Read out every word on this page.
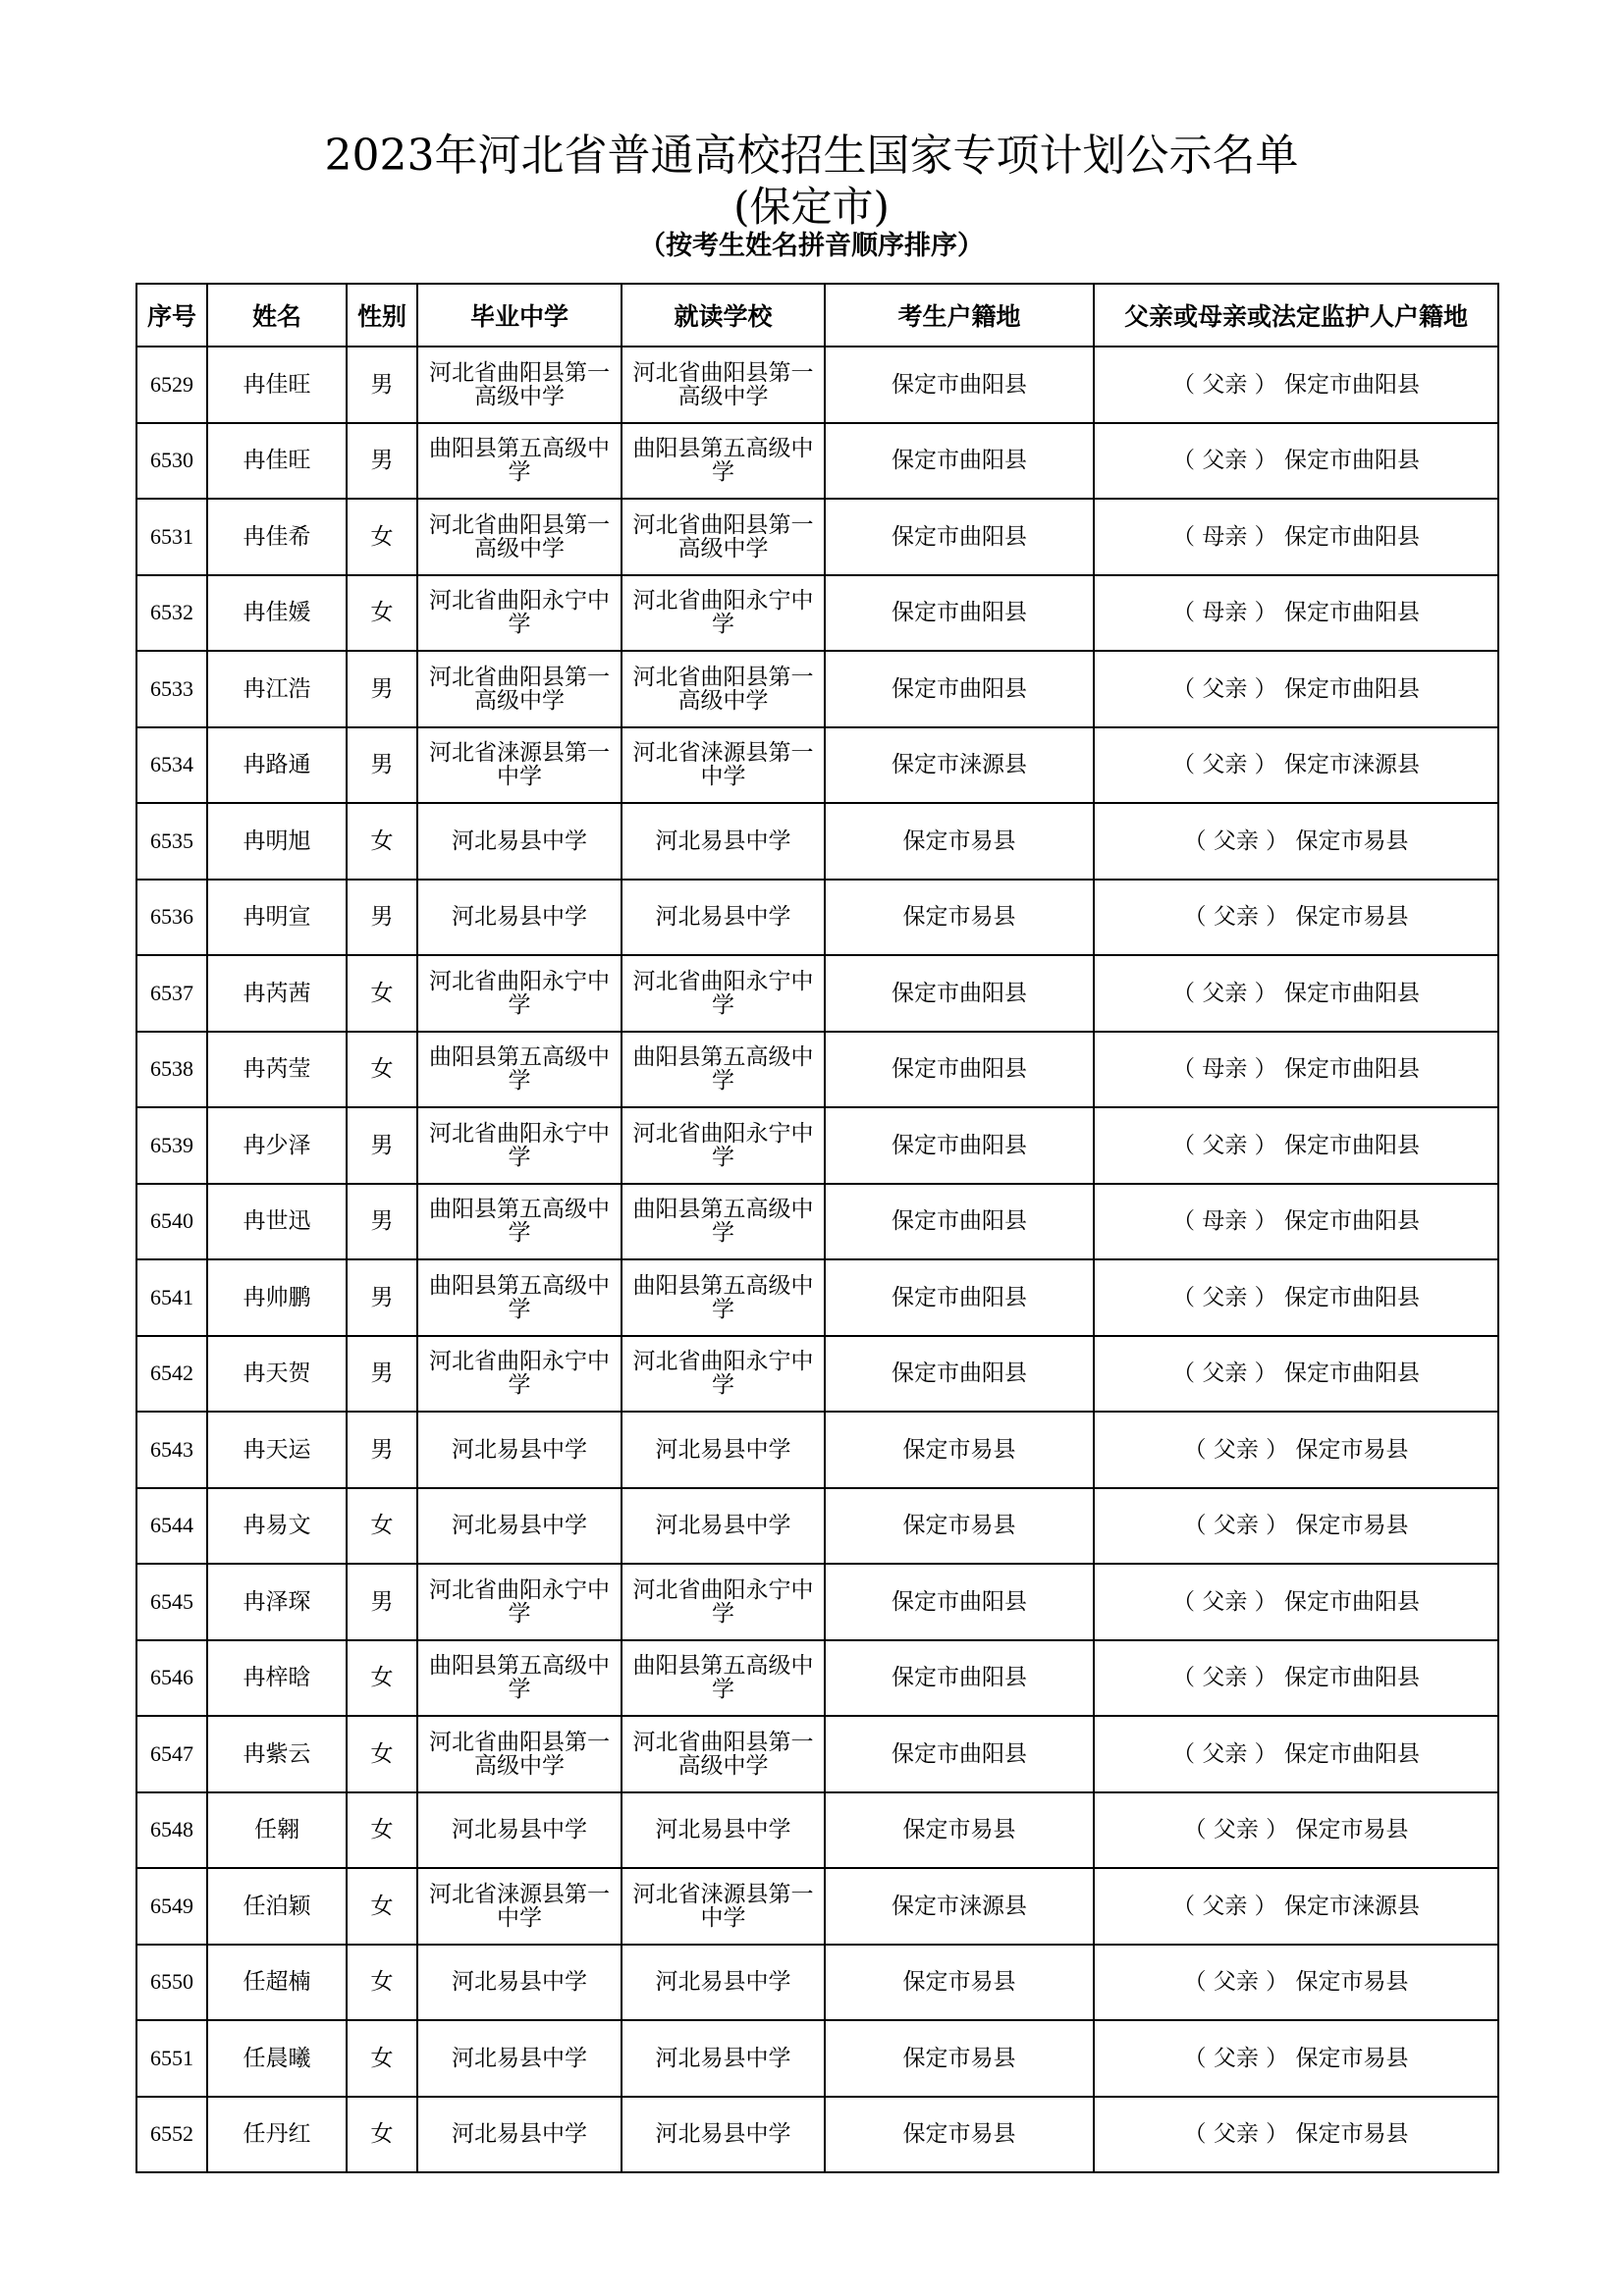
2023年河北省普通高校招生国家专项计划公示名单
(保定市)
（按考生姓名拼音顺序排序）
序号	姓名	性别	毕业中学	就读学校	考生户籍地	父亲或母亲或法定监护人户籍地
6529	冉佳旺	男	河北省曲阳县第一高级中学	河北省曲阳县第一高级中学	保定市曲阳县	（ 父亲 ） 保定市曲阳县
6530	冉佳旺	男	曲阳县第五高级中学	曲阳县第五高级中学	保定市曲阳县	（ 父亲 ） 保定市曲阳县
6531	冉佳希	女	河北省曲阳县第一高级中学	河北省曲阳县第一高级中学	保定市曲阳县	（ 母亲 ） 保定市曲阳县
6532	冉佳媛	女	河北省曲阳永宁中学	河北省曲阳永宁中学	保定市曲阳县	（ 母亲 ） 保定市曲阳县
6533	冉江浩	男	河北省曲阳县第一高级中学	河北省曲阳县第一高级中学	保定市曲阳县	（ 父亲 ） 保定市曲阳县
6534	冉路通	男	河北省涞源县第一中学	河北省涞源县第一中学	保定市涞源县	（ 父亲 ） 保定市涞源县
6535	冉明旭	女	河北易县中学	河北易县中学	保定市易县	（ 父亲 ） 保定市易县
6536	冉明宣	男	河北易县中学	河北易县中学	保定市易县	（ 父亲 ） 保定市易县
6537	冉芮茜	女	河北省曲阳永宁中学	河北省曲阳永宁中学	保定市曲阳县	（ 父亲 ） 保定市曲阳县
6538	冉芮莹	女	曲阳县第五高级中学	曲阳县第五高级中学	保定市曲阳县	（ 母亲 ） 保定市曲阳县
6539	冉少泽	男	河北省曲阳永宁中学	河北省曲阳永宁中学	保定市曲阳县	（ 父亲 ） 保定市曲阳县
6540	冉世迅	男	曲阳县第五高级中学	曲阳县第五高级中学	保定市曲阳县	（ 母亲 ） 保定市曲阳县
6541	冉帅鹏	男	曲阳县第五高级中学	曲阳县第五高级中学	保定市曲阳县	（ 父亲 ） 保定市曲阳县
6542	冉天贺	男	河北省曲阳永宁中学	河北省曲阳永宁中学	保定市曲阳县	（ 父亲 ） 保定市曲阳县
6543	冉天运	男	河北易县中学	河北易县中学	保定市易县	（ 父亲 ） 保定市易县
6544	冉易文	女	河北易县中学	河北易县中学	保定市易县	（ 父亲 ） 保定市易县
6545	冉泽琛	男	河北省曲阳永宁中学	河北省曲阳永宁中学	保定市曲阳县	（ 父亲 ） 保定市曲阳县
6546	冉梓晗	女	曲阳县第五高级中学	曲阳县第五高级中学	保定市曲阳县	（ 父亲 ） 保定市曲阳县
6547	冉紫云	女	河北省曲阳县第一高级中学	河北省曲阳县第一高级中学	保定市曲阳县	（ 父亲 ） 保定市曲阳县
6548	任翱	女	河北易县中学	河北易县中学	保定市易县	（ 父亲 ） 保定市易县
6549	任泊颖	女	河北省涞源县第一中学	河北省涞源县第一中学	保定市涞源县	（ 父亲 ） 保定市涞源县
6550	任超楠	女	河北易县中学	河北易县中学	保定市易县	（ 父亲 ） 保定市易县
6551	任晨曦	女	河北易县中学	河北易县中学	保定市易县	（ 父亲 ） 保定市易县
6552	任丹红	女	河北易县中学	河北易县中学	保定市易县	（ 父亲 ） 保定市易县
